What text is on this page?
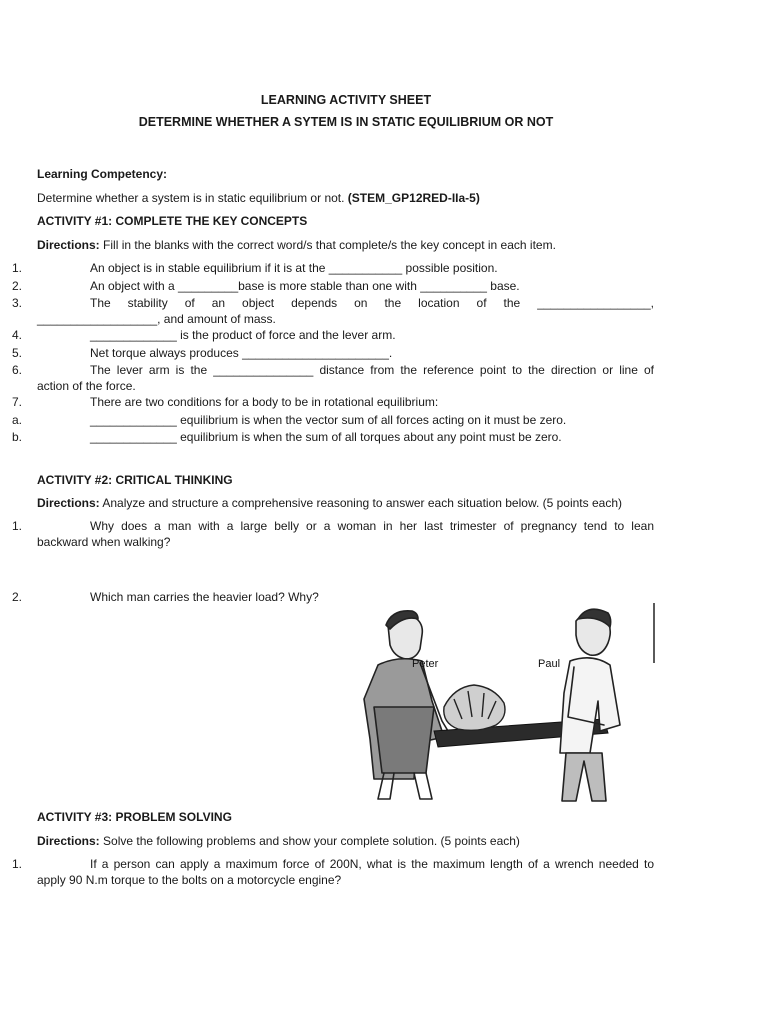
LEARNING ACTIVITY SHEET
DETERMINE WHETHER A SYTEM IS IN STATIC EQUILIBRIUM OR NOT
Learning Competency:
Determine whether a system is in static equilibrium or not. (STEM_GP12RED-IIa-5)
ACTIVITY #1: COMPLETE THE KEY CONCEPTS
Directions: Fill in the blanks with the correct word/s that complete/s the key concept in each item.
1.	An object is in stable equilibrium if it is at the ___________ possible position.
2.	An object with a _________base is more stable than one with __________ base.
3.	The stability of an object depends on the location of the _________________,
__________________, and amount of mass.
4.	_____________ is the product of force and the lever arm.
5.	Net torque always produces ______________________.
6.	The lever arm is the _______________ distance from the reference point to the direction or line of
action of the force.
7.	There are two conditions for a body to be in rotational equilibrium:
a.	_____________ equilibrium is when the vector sum of all forces acting on it must be zero.
b.	_____________ equilibrium is when the sum of all torques about any point must be zero.
ACTIVITY #2: CRITICAL THINKING
Directions: Analyze and structure a comprehensive reasoning to answer each situation below. (5 points each)
1.	Why does a man with a large belly or a woman in her last trimester of pregnancy tend to lean
backward when walking?
2.	Which man carries the heavier load? Why?
Peter	Paul
ACTIVITY #3: PROBLEM SOLVING
Directions: Solve the following problems and show your complete solution. (5 points each)
1.	If a person can apply a maximum force of 200N, what is the maximum length of a wrench needed to
apply 90 N.m torque to the bolts on a motorcycle engine?
